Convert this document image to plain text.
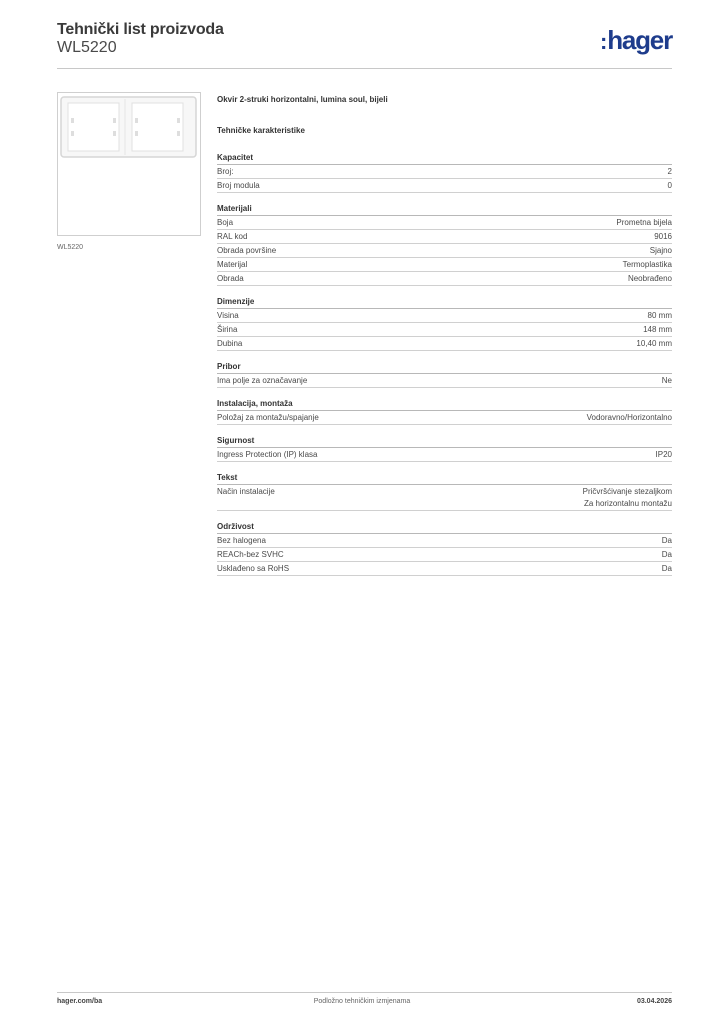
Tehnički list proizvoda
WL5220	:hager
WL5220
Okvir 2-struki horizontalni, lumina soul, bijeli
Tehničke karakteristike
Kapacitet
Broj:	2
Broj modula	0
Materijali
Boja	Prometna bijela
RAL kod	9016
Obrada površine	Sjajno
Materijal	Termoplastika
Obrada	Neobrađeno
Dimenzije
Visina	80 mm
Širina	148 mm
Dubina	10,40 mm
Pribor
Ima polje za označavanje	Ne
Instalacija, montaža
Položaj za montažu/spajanje	Vodoravno/Horizontalno
Sigurnost
Ingress Protection (IP) klasa	IP20
Tekst
Način instalacije	Pričvršćivanje stezaljkom
Za horizontalnu montažu
Održivost
Bez halogena	Da
REACh-bez SVHC	Da
Usklađeno sa RoHS	Da
hager.com/ba	Podložno tehničkim izmjenama	03.04.2026
